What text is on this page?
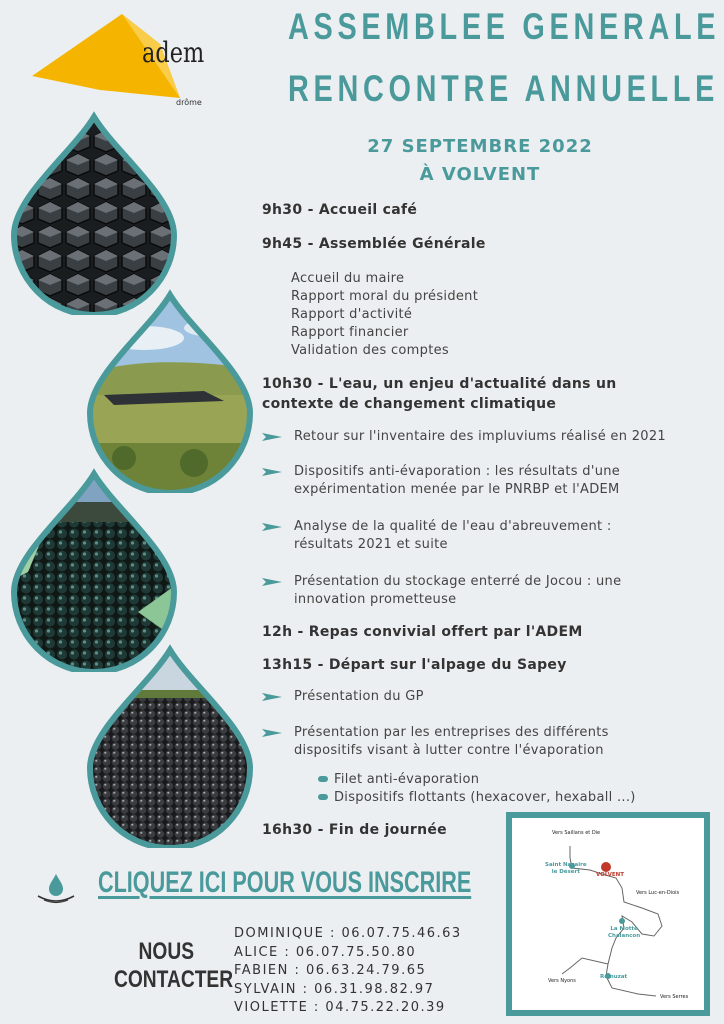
adem
drôme
ASSEMBLEE GENERALE
RENCONTRE ANNUELLE
27 SEPTEMBRE 2022
À VOLVENT
9h30 - Accueil café
9h45 - Assemblée Générale
Accueil du maire
Rapport moral du président
Rapport d'activité
Rapport financier
Validation des comptes
10h30 - L'eau, un enjeu d'actualité dans un
contexte de changement climatique
Retour sur l'inventaire des impluviums réalisé en 2021
Dispositifs anti-évaporation : les résultats d'une
expérimentation menée par le PNRBP et l'ADEM
Analyse de la qualité de l'eau d'abreuvement :
résultats 2021 et suite
Présentation du stockage enterré de Jocou : une
innovation prometteuse
12h - Repas convivial offert par l'ADEM
13h15 - Départ sur l'alpage du Sapey
Présentation du GP
Présentation par les entreprises des différents
dispositifs visant à lutter contre l'évaporation
Filet anti-évaporation
Dispositifs flottants (hexacover, hexaball ...)
16h30 - Fin de journée
CLIQUEZ ICI POUR VOUS INSCRIRE
NOUS
CONTACTER
DOMINIQUE : 06.07.75.46.63
ALICE : 06.07.75.50.80
FABIEN : 06.63.24.79.65
SYLVAIN : 06.31.98.82.97
VIOLETTE : 04.75.22.20.39
Vers Saillans et Die
Saint Nazaire
le Désert	VOLVENT
Vers Luc-en-Diois
La Motte
Chalancon
Vers Nyons
Rémuzat
Vers Serres
